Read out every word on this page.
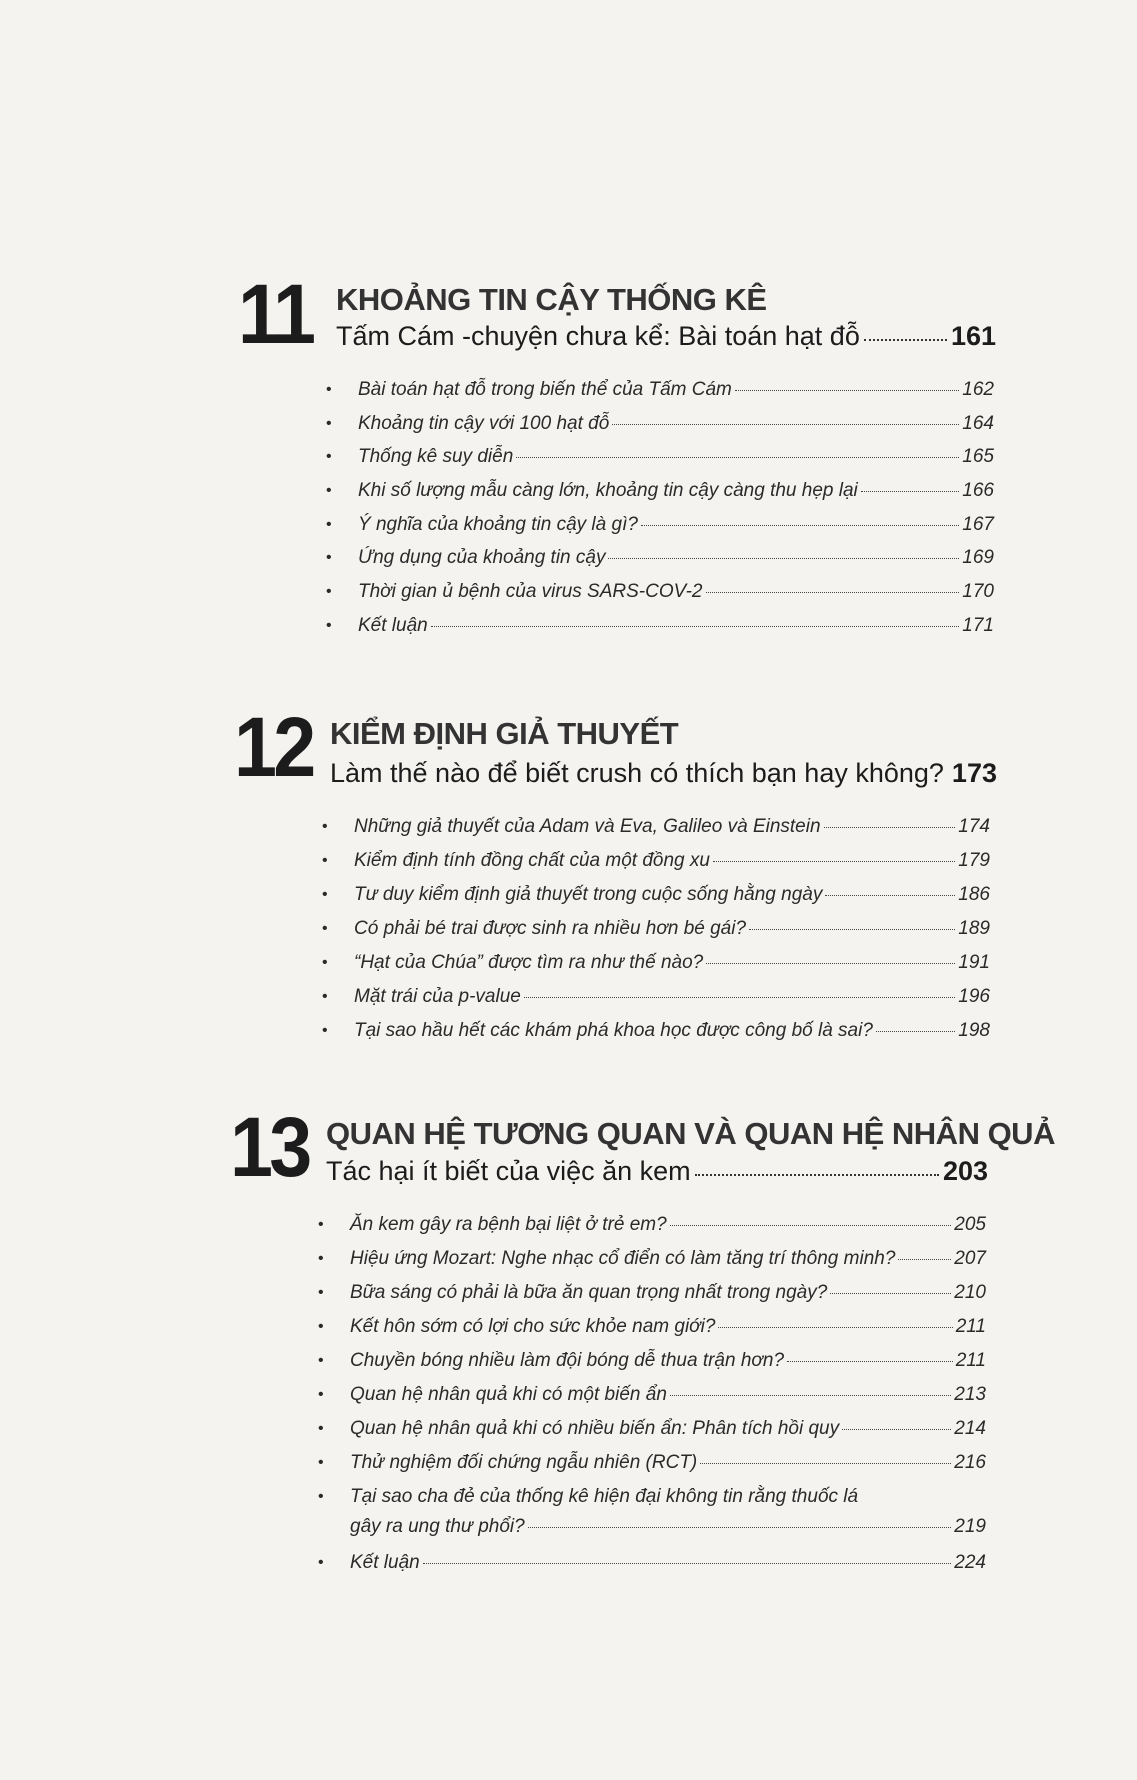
11 KHOẢNG TIN CẬY THỐNG KÊ
Tấm Cám -chuyện chưa kể: Bài toán hạt đỗ	161
• Bài toán hạt đỗ trong biến thể của Tấm Cám	162
• Khoảng tin cậy với 100 hạt đỗ	164
• Thống kê suy diễn	165
• Khi số lượng mẫu càng lớn, khoảng tin cậy càng thu hẹp lại	166
• Ý nghĩa của khoảng tin cậy là gì?	167
• Ứng dụng của khoảng tin cậy	169
• Thời gian ủ bệnh của virus SARS-COV-2	170
• Kết luận	171
12 KIỂM ĐỊNH GIẢ THUYẾT
Làm thế nào để biết crush có thích bạn hay không? 173
• Những giả thuyết của Adam và Eva, Galileo và Einstein	174
• Kiểm định tính đồng chất của một đồng xu	179
• Tư duy kiểm định giả thuyết trong cuộc sống hằng ngày	186
• Có phải bé trai được sinh ra nhiều hơn bé gái?	189
• “Hạt của Chúa” được tìm ra như thế nào?	191
• Mặt trái của p-value	196
• Tại sao hầu hết các khám phá khoa học được công bố là sai?	198
13 QUAN HỆ TƯƠNG QUAN VÀ QUAN HỆ NHÂN QUẢ
Tác hại ít biết của việc ăn kem	203
• Ăn kem gây ra bệnh bại liệt ở trẻ em?	205
• Hiệu ứng Mozart: Nghe nhạc cổ điển có làm tăng trí thông minh?	207
• Bữa sáng có phải là bữa ăn quan trọng nhất trong ngày?	210
• Kết hôn sớm có lợi cho sức khỏe nam giới?	211
• Chuyền bóng nhiều làm đội bóng dễ thua trận hơn?	211
• Quan hệ nhân quả khi có một biến ẩn	213
• Quan hệ nhân quả khi có nhiều biến ẩn: Phân tích hồi quy	214
• Thử nghiệm đối chứng ngẫu nhiên (RCT)	216
• Tại sao cha đẻ của thống kê hiện đại không tin rằng thuốc lá
gây ra ung thư phổi?	219
• Kết luận	224
